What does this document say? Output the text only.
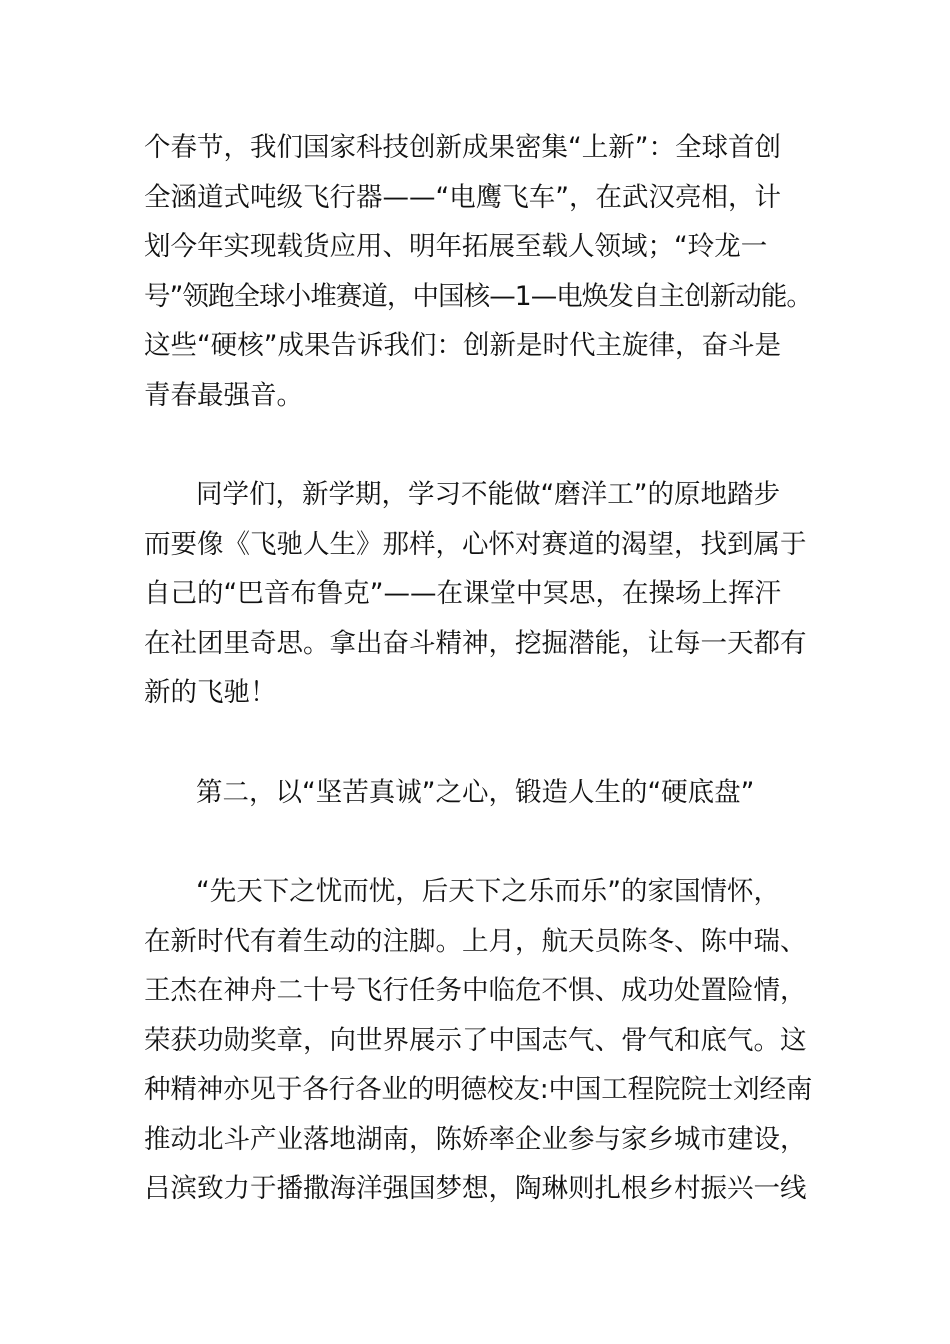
个春节，我们国家科技创新成果密集“上新”：全球首创
全涵道式吨级飞行器——“电鹰飞车”，在武汉亮相，计
划今年实现载货应用、明年拓展至载人领域；“玲龙一
号”领跑全球小堆赛道，中国核—1—电焕发自主创新动能。
这些“硬核”成果告诉我们：创新是时代主旋律，奋斗是
青春最强音。
同学们，新学期，学习不能做“磨洋工”的原地踏步
而要像《飞驰人生》那样，心怀对赛道的渴望，找到属于
自己的“巴音布鲁克”——在课堂中冥思，在操场上挥汗
在社团里奇思。拿出奋斗精神，挖掘潜能，让每一天都有
新的飞驰！
第二，以“坚苦真诚”之心，锻造人生的“硬底盘”
“先天下之忧而忧，后天下之乐而乐”的家国情怀，
在新时代有着生动的注脚。上月，航天员陈冬、陈中瑞、
王杰在神舟二十号飞行任务中临危不惧、成功处置险情，
荣获功勋奖章，向世界展示了中国志气、骨气和底气。这
种精神亦见于各行各业的明德校友:中国工程院院士刘经南
推动北斗产业落地湖南，陈娇率企业参与家乡城市建设，
吕滨致力于播撒海洋强国梦想，陶琳则扎根乡村振兴一线
